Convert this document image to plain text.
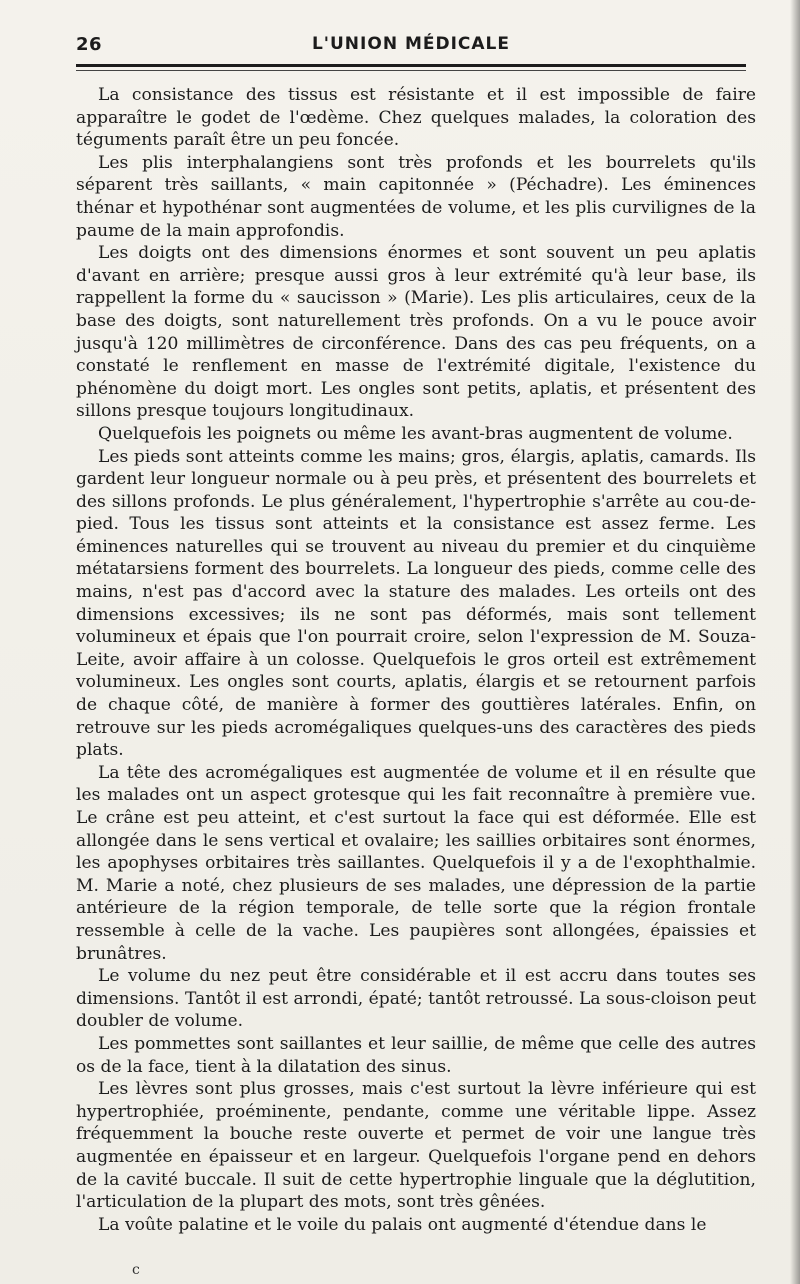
26	L'UNION MÉDICALE

La consistance des tissus est résistante et il est impossible de faire apparaître le godet de l'œdème. Chez quelques malades, la coloration des téguments paraît être un peu foncée.

Les plis interphalangiens sont très profonds et les bourrelets qu'ils séparent très saillants, « main capitonnée » (Péchadre). Les éminences thénar et hypothénar sont augmentées de volume, et les plis curvilignes de la paume de la main approfondis.

Les doigts ont des dimensions énormes et sont souvent un peu aplatis d'avant en arrière; presque aussi gros à leur extrémité qu'à leur base, ils rappellent la forme du « saucisson » (Marie). Les plis articulaires, ceux de la base des doigts, sont naturellement très profonds. On a vu le pouce avoir jusqu'à 120 millimètres de circonférence. Dans des cas peu fréquents, on a constaté le renflement en masse de l'extrémité digitale, l'existence du phénomène du doigt mort. Les ongles sont petits, aplatis, et présentent des sillons presque toujours longitudinaux.

Quelquefois les poignets ou même les avant-bras augmentent de volume.

Les pieds sont atteints comme les mains; gros, élargis, aplatis, camards. Ils gardent leur longueur normale ou à peu près, et présentent des bourrelets et des sillons profonds. Le plus généralement, l'hypertrophie s'arrête au cou-de-pied. Tous les tissus sont atteints et la consistance est assez ferme. Les éminences naturelles qui se trouvent au niveau du premier et du cinquième métatarsiens forment des bourrelets. La longueur des pieds, comme celle des mains, n'est pas d'accord avec la stature des malades. Les orteils ont des dimensions excessives; ils ne sont pas déformés, mais sont tellement volumineux et épais que l'on pourrait croire, selon l'expression de M. Souza-Leite, avoir affaire à un colosse. Quelquefois le gros orteil est extrêmement volumineux. Les ongles sont courts, aplatis, élargis et se retournent parfois de chaque côté, de manière à former des gouttières latérales. Enfin, on retrouve sur les pieds acromégaliques quelques-uns des caractères des pieds plats.

La tête des acromégaliques est augmentée de volume et il en résulte que les malades ont un aspect grotesque qui les fait reconnaître à première vue. Le crâne est peu atteint, et c'est surtout la face qui est déformée. Elle est allongée dans le sens vertical et ovalaire; les saillies orbitaires sont énormes, les apophyses orbitaires très saillantes. Quelquefois il y a de l'exophthalmie. M. Marie a noté, chez plusieurs de ses malades, une dépression de la partie antérieure de la région temporale, de telle sorte que la région frontale ressemble à celle de la vache. Les paupières sont allongées, épaissies et brunâtres.

Le volume du nez peut être considérable et il est accru dans toutes ses dimensions. Tantôt il est arrondi, épaté; tantôt retroussé. La sous-cloison peut doubler de volume.

Les pommettes sont saillantes et leur saillie, de même que celle des autres os de la face, tient à la dilatation des sinus.

Les lèvres sont plus grosses, mais c'est surtout la lèvre inférieure qui est hypertrophiée, proéminente, pendante, comme une véritable lippe. Assez fréquemment la bouche reste ouverte et permet de voir une langue très augmentée en épaisseur et en largeur. Quelquefois l'organe pend en dehors de la cavité buccale. Il suit de cette hypertrophie linguale que la déglutition, l'articulation de la plupart des mots, sont très gênées.

La voûte palatine et le voile du palais ont augmenté d'étendue dans le

c
